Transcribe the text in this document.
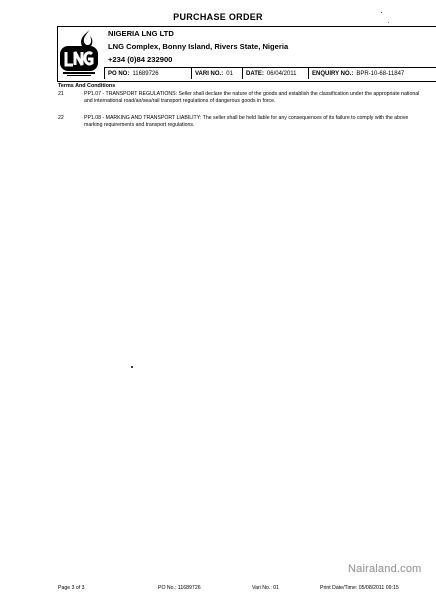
PURCHASE ORDER
NIGERIA LNG LTD
LNG Complex, Bonny Island, Rivers State, Nigeria
+234 (0)84 232900
PO NO: 11689726	VARI NO.: 01 DATE: 06/04/2011	ENQUIRY NO.: BPR-10-68-11847
Terms And Conditions
21	PP1.07 - TRANSPORT REGULATIONS: Seller shall declare the nature of the goods and establish the classification under the appropriate national and international road/air/sea/rail transport regulations of dangerous goods in force.
22	PP1.08 - MARKING AND TRANSPORT LIABILITY: The seller shall be held liable for any consequences of its failure to comply with the above marking requirements and transport regulations.
Nairaland.com
Page 3 of 3	PO No.: 11689726	Vari No.: 01	Print Date/Time: 05/08/2011 09:15
